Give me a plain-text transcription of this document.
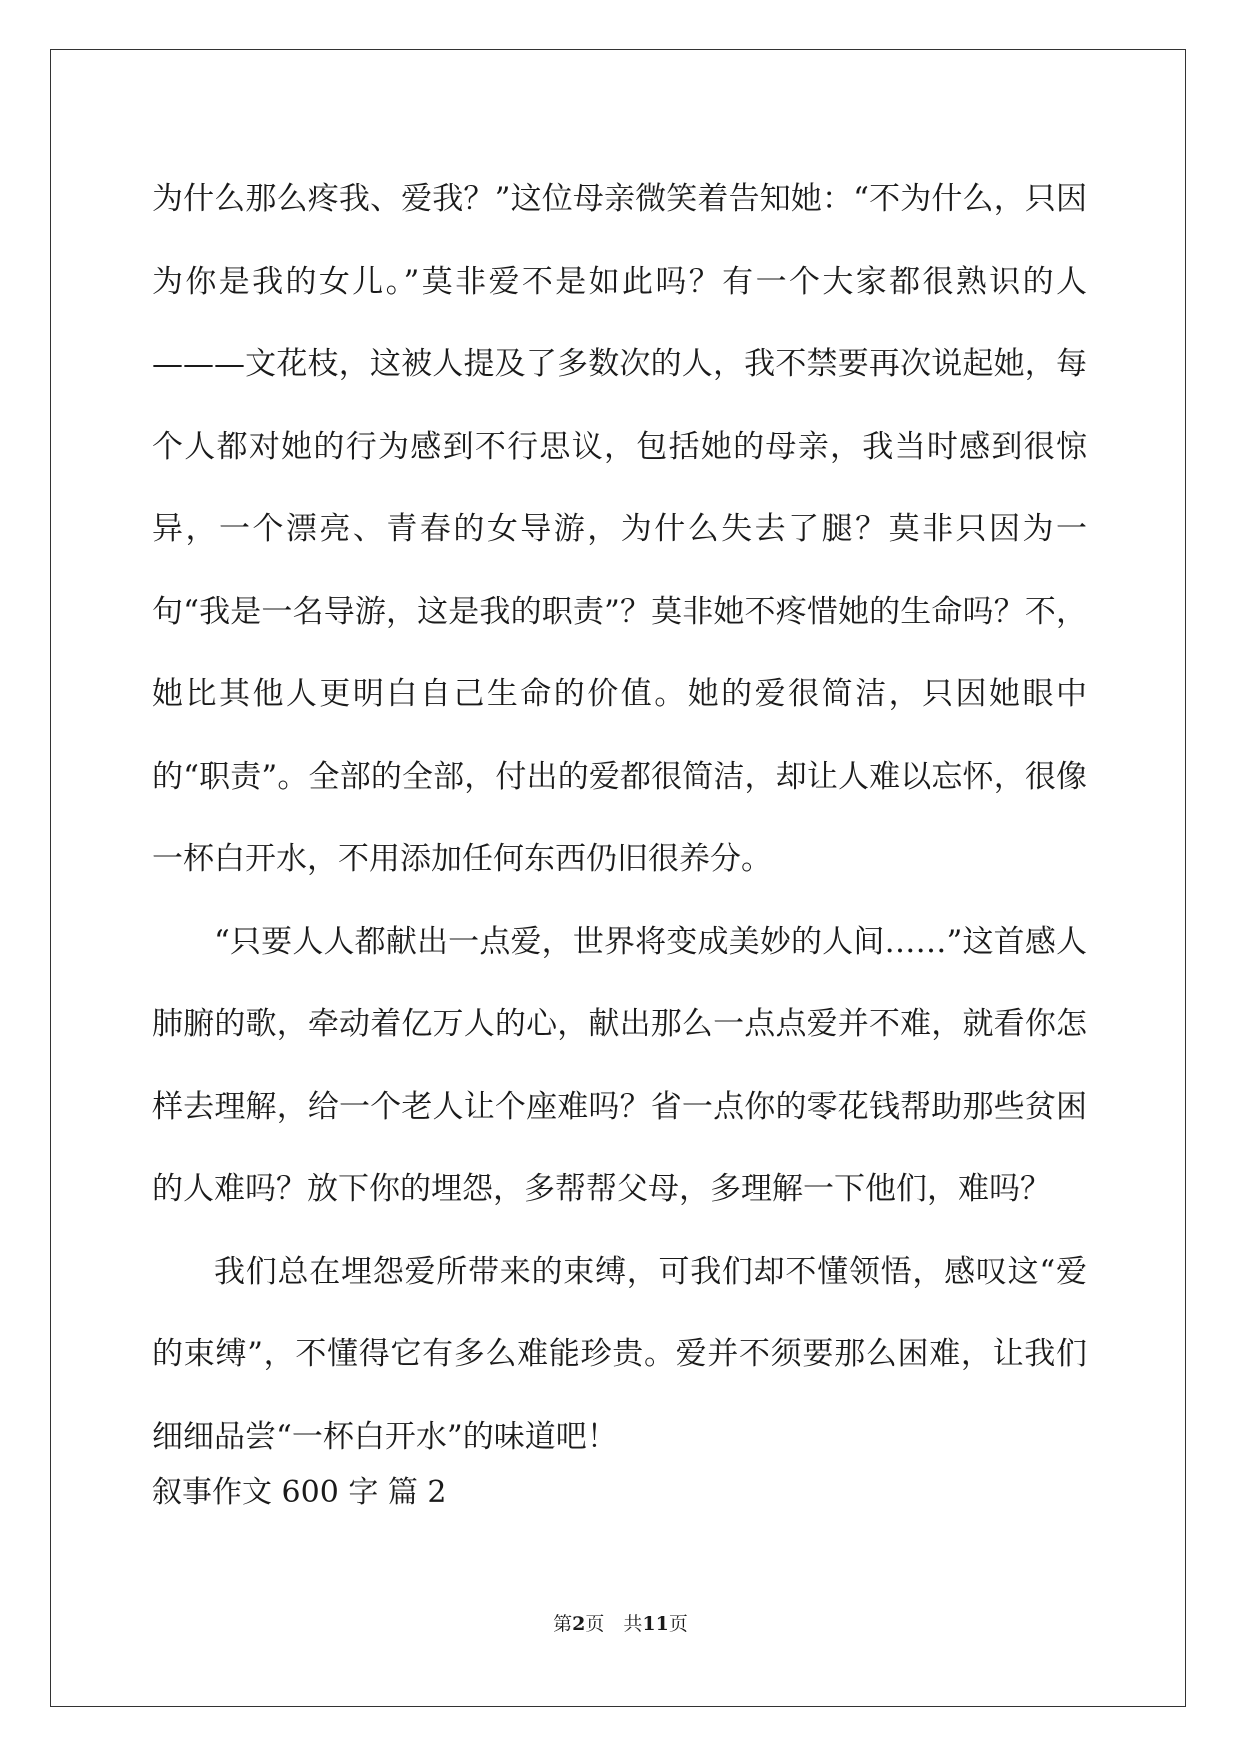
为什么那么疼我、爱我？”这位母亲微笑着告知她：“不为什么，只因为你是我的女儿。”莫非爱不是如此吗？有一个大家都很熟识的人———文花枝，这被人提及了多数次的人，我不禁要再次说起她，每个人都对她的行为感到不行思议，包括她的母亲，我当时感到很惊异，一个漂亮、青春的女导游，为什么失去了腿？莫非只因为一句“我是一名导游，这是我的职责”？莫非她不疼惜她的生命吗？不，她比其他人更明白自己生命的价值。她的爱很简洁，只因她眼中的“职责”。全部的全部，付出的爱都很简洁，却让人难以忘怀，很像一杯白开水，不用添加任何东西仍旧很养分。

“只要人人都献出一点爱，世界将变成美妙的人间……”这首感人肺腑的歌，牵动着亿万人的心，献出那么一点点爱并不难，就看你怎样去理解，给一个老人让个座难吗？省一点你的零花钱帮助那些贫困的人难吗？放下你的埋怨，多帮帮父母，多理解一下他们，难吗？

我们总在埋怨爱所带来的束缚，可我们却不懂领悟，感叹这“爱的束缚”，不懂得它有多么难能珍贵。爱并不须要那么困难，让我们细细品尝“一杯白开水”的味道吧！

叙事作文 600 字 篇 2
第2页　共11页
